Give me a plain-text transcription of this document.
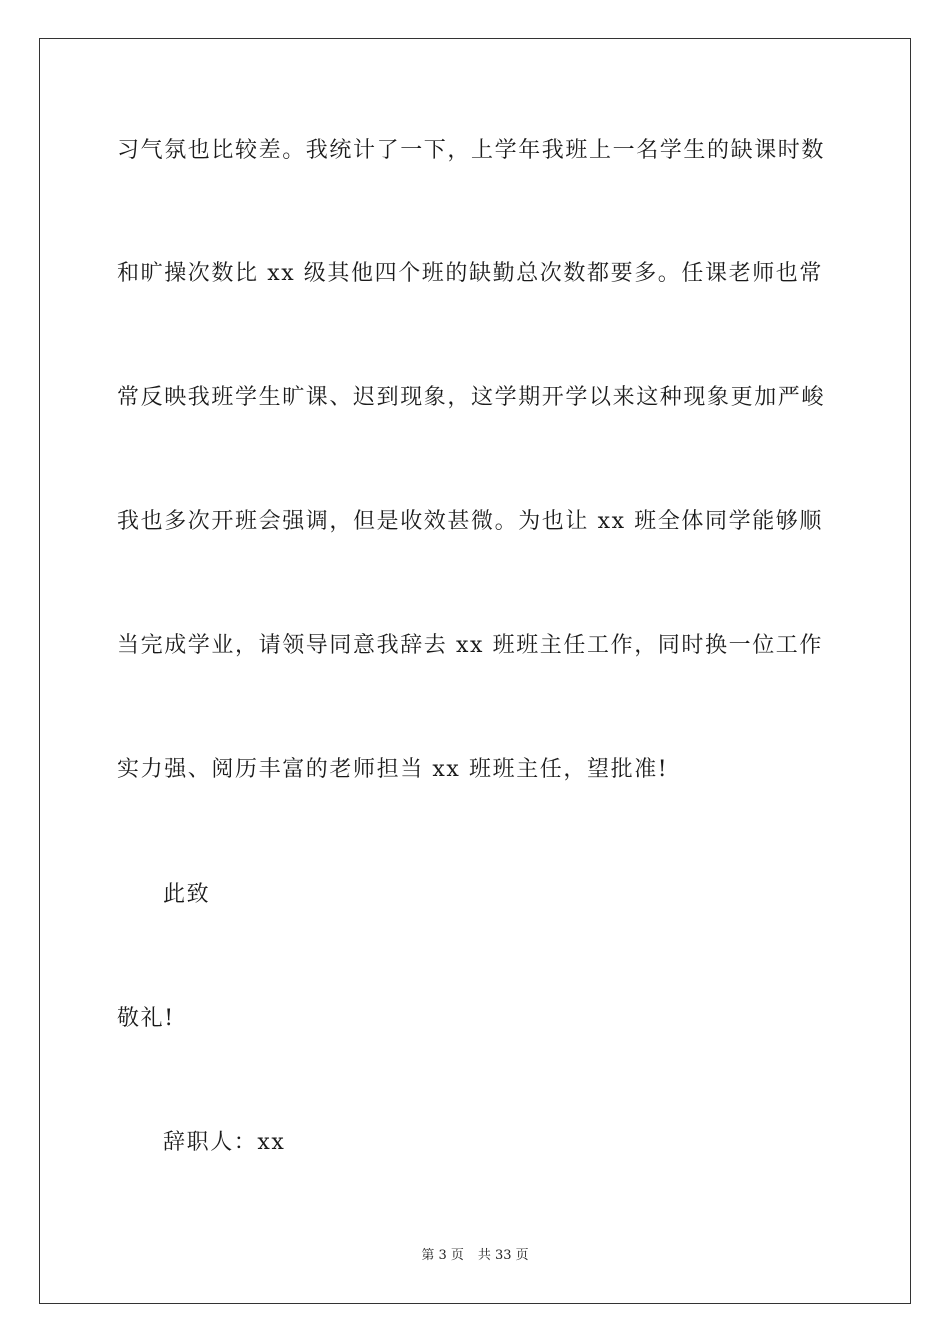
习气氛也比较差。我统计了一下，上学年我班上一名学生的缺课时数
和旷操次数比 xx 级其他四个班的缺勤总次数都要多。任课老师也常
常反映我班学生旷课、迟到现象，这学期开学以来这种现象更加严峻
我也多次开班会强调，但是收效甚微。为也让 xx 班全体同学能够顺
当完成学业，请领导同意我辞去 xx 班班主任工作，同时换一位工作
实力强、阅历丰富的老师担当 xx 班班主任，望批准!
此致
敬礼!
辞职人：xx
第 3 页 共 33 页
